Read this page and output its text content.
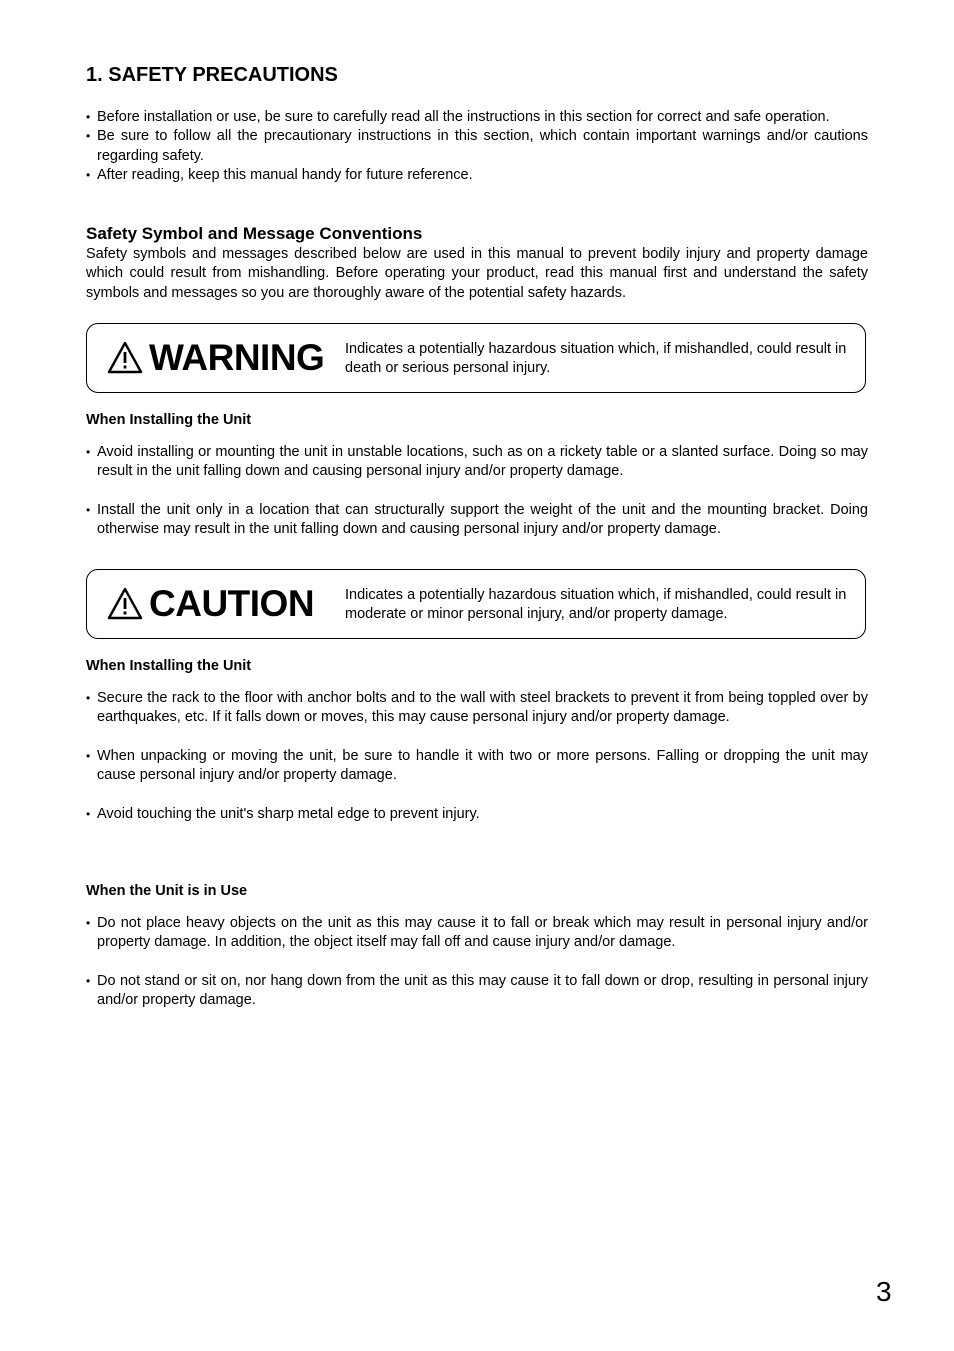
1. SAFETY PRECAUTIONS
• Before installation or use, be sure to carefully read all the instructions in this section for correct and safe operation.
• Be sure to follow all the precautionary instructions in this section, which contain important warnings and/or cautions regarding safety.
• After reading, keep this manual handy for future reference.
Safety Symbol and Message Conventions

Safety symbols and messages described below are used in this manual to prevent bodily injury and property damage which could result from mishandling. Before operating your product, read this manual first and understand the safety symbols and messages so you are thoroughly aware of the potential safety hazards.

WARNING Indicates a potentially hazardous situation which, if mishandled, could result in death or serious personal injury.
When Installing the Unit
• Avoid installing or mounting the unit in unstable locations, such as on a rickety table or a slanted surface. Doing so may result in the unit falling down and causing personal injury and/or property damage.
• Install the unit only in a location that can structurally support the weight of the unit and the mounting bracket. Doing otherwise may result in the unit falling down and causing personal injury and/or property damage.
CAUTION Indicates a potentially hazardous situation which, if mishandled, could result in moderate or minor personal injury, and/or property damage.
When Installing the Unit
• Secure the rack to the floor with anchor bolts and to the wall with steel brackets to prevent it from being toppled over by earthquakes, etc. If it falls down or moves, this may cause personal injury and/or property damage.
• When unpacking or moving the unit, be sure to handle it with two or more persons. Falling or dropping the unit may cause personal injury and/or property damage.
• Avoid touching the unit's sharp metal edge to prevent injury.
When the Unit is in Use
• Do not place heavy objects on the unit as this may cause it to fall or break which may result in personal injury and/or property damage. In addition, the object itself may fall off and cause injury and/or damage.
• Do not stand or sit on, nor hang down from the unit as this may cause it to fall down or drop, resulting in personal injury and/or property damage.
3
